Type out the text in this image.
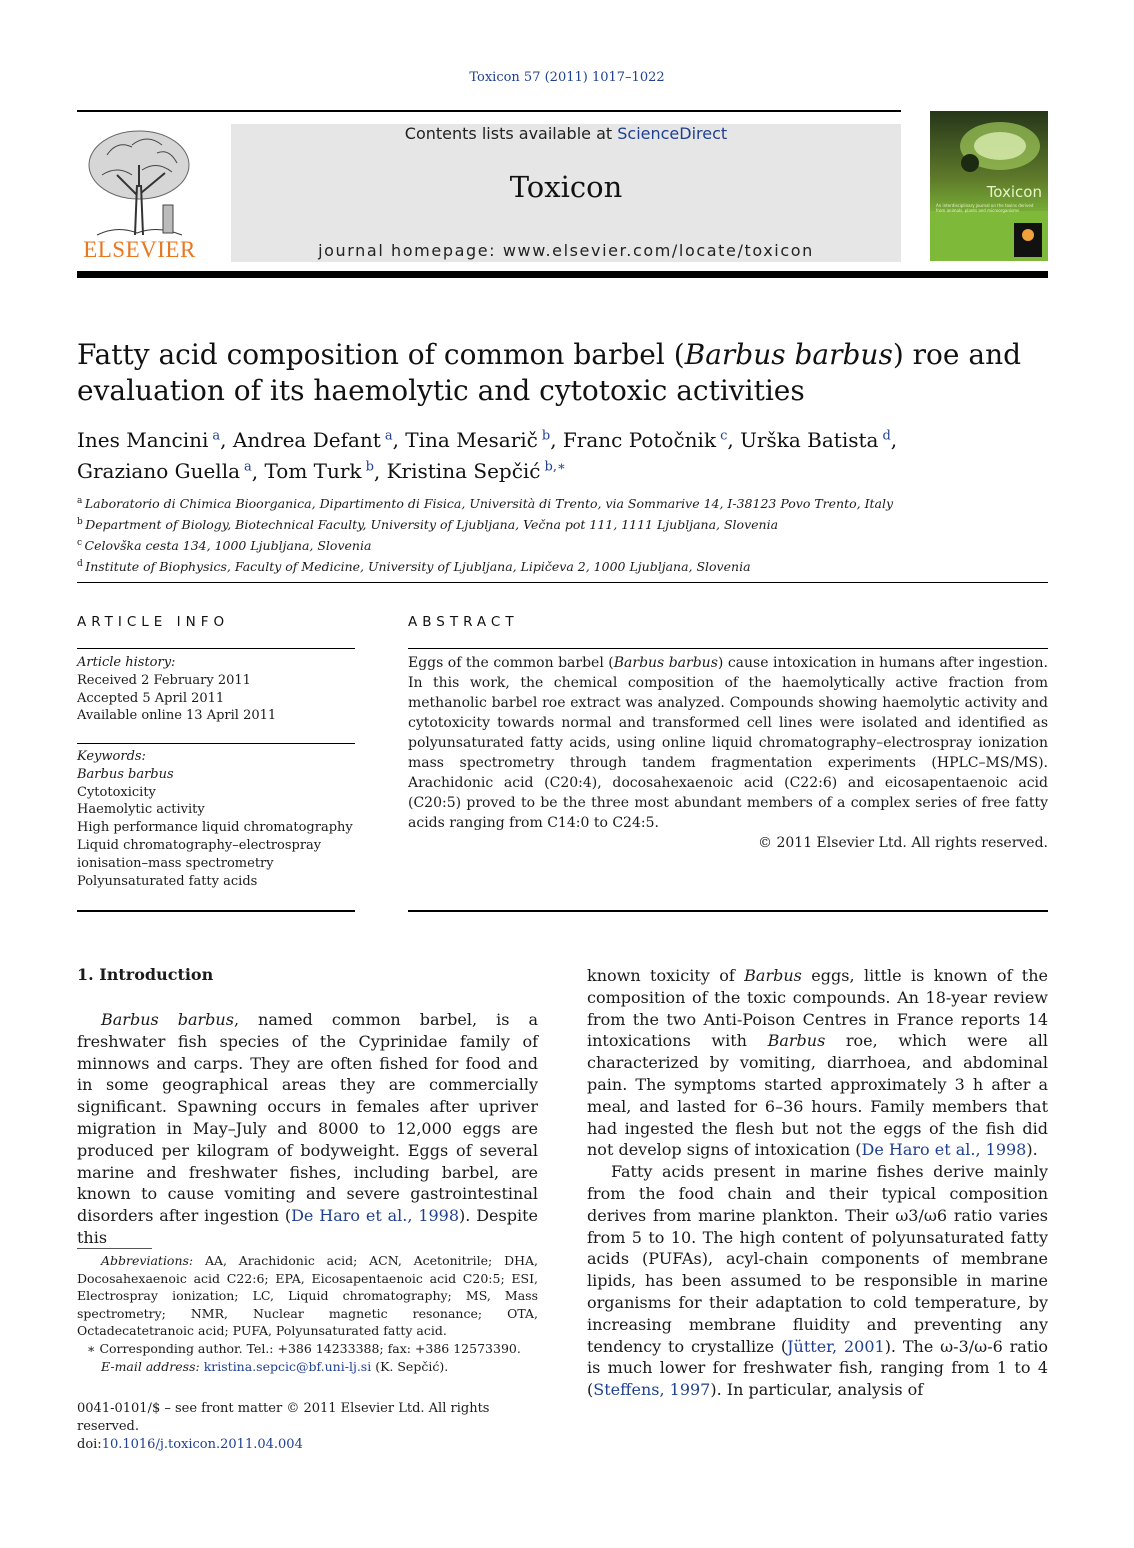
Toxicon 57 (2011) 1017–1022
ELSEVIER
Contents lists available at ScienceDirect
Toxicon
journal homepage: www.elsevier.com/locate/toxicon
Toxicon
An interdisciplinary journal on the toxins derived from animals, plants and microorganisms
Fatty acid composition of common barbel (Barbus barbus) roe and evaluation of its haemolytic and cytotoxic activities
Ines Mancini  $^a$, Andrea Defant  $^a$, Tina Mesarič  $^b$, Franc Potočnik  $^c$, Urška Batista  $^d$,
Graziano Guella  $^a$, Tom Turk  $^b$, Kristina Sepčić  $^{b,∗}$
$^a$  Laboratorio di Chimica Bioorganica, Dipartimento di Fisica, Università di Trento, via Sommarive 14, I-38123 Povo Trento, Italy
$^b$  Department of Biology, Biotechnical Faculty, University of Ljubljana, Večna pot 111, 1111 Ljubljana, Slovenia
$^c$  Celovška cesta 134, 1000 Ljubljana, Slovenia
$^d$  Institute of Biophysics, Faculty of Medicine, University of Ljubljana, Lipičeva 2, 1000 Ljubljana, Slovenia
ARTICLE INFO	ABSTRACT
Article history:
Received 2 February 2011
Accepted 5 April 2011
Available online 13 April 2011
Keywords:
Barbus barbus
Cytotoxicity
Haemolytic activity
High performance liquid chromatography
Liquid chromatography–electrospray
ionisation–mass spectrometry
Polyunsaturated fatty acids
Eggs of the common barbel (Barbus barbus) cause intoxication in humans after ingestion. In this work, the chemical composition of the haemolytically active fraction from methanolic barbel roe extract was analyzed. Compounds showing haemolytic activity and cytotoxicity towards normal and transformed cell lines were isolated and identified as polyunsaturated fatty acids, using online liquid chromatography–electrospray ionization mass spectrometry through tandem fragmentation experiments (HPLC–MS/MS). Arachidonic acid (C20:4), docosahexaenoic acid (C22:6) and eicosapentaenoic acid (C20:5) proved to be the three most abundant members of a complex series of free fatty acids ranging from C14:0 to C24:5.
© 2011 Elsevier Ltd. All rights reserved.
1. Introduction

Barbus barbus, named common barbel, is a freshwater fish species of the Cyprinidae family of minnows and carps. They are often fished for food and in some geographical areas they are commercially significant. Spawning occurs in females after upriver migration in May–July and 8000 to 12,000 eggs are produced per kilogram of bodyweight. Eggs of several marine and freshwater fishes, including barbel, are known to cause vomiting and severe gastrointestinal disorders after ingestion (De Haro et al., 1998). Despite this

known toxicity of Barbus eggs, little is known of the composition of the toxic compounds. An 18-year review from the two Anti-Poison Centres in France reports 14 intoxications with Barbus roe, which were all characterized by vomiting, diarrhoea, and abdominal pain. The symptoms started approximately 3 h after a meal, and lasted for 6–36 hours. Family members that had ingested the flesh but not the eggs of the fish did not develop signs of intoxication (De Haro et al., 1998).

Fatty acids present in marine fishes derive mainly from the food chain and their typical composition derives from marine plankton. Their ω3/ω6 ratio varies from 5 to 10. The high content of polyunsaturated fatty acids (PUFAs), acyl-chain components of membrane lipids, has been assumed to be responsible in marine organisms for their adaptation to cold temperature, by increasing membrane fluidity and preventing any tendency to crystallize (Jütter, 2001). The ω-3/ω-6 ratio is much lower for freshwater fish, ranging from 1 to 4 (Steffens, 1997). In particular, analysis of

Abbreviations: AA, Arachidonic acid; ACN, Acetonitrile; DHA, Docosahexaenoic acid C22:6; EPA, Eicosapentaenoic acid C20:5; ESI, Electrospray ionization; LC, Liquid chromatography; MS, Mass spectrometry; NMR, Nuclear magnetic resonance; OTA, Octadecatetranoic acid; PUFA, Polyunsaturated fatty acid.

∗ Corresponding author. Tel.: +386 14233388; fax: +386 12573390.

E-mail address: kristina.sepcic@bf.uni-lj.si (K. Sepčić).

0041-0101/$ – see front matter © 2011 Elsevier Ltd. All rights reserved.
doi:10.1016/j.toxicon.2011.04.004
